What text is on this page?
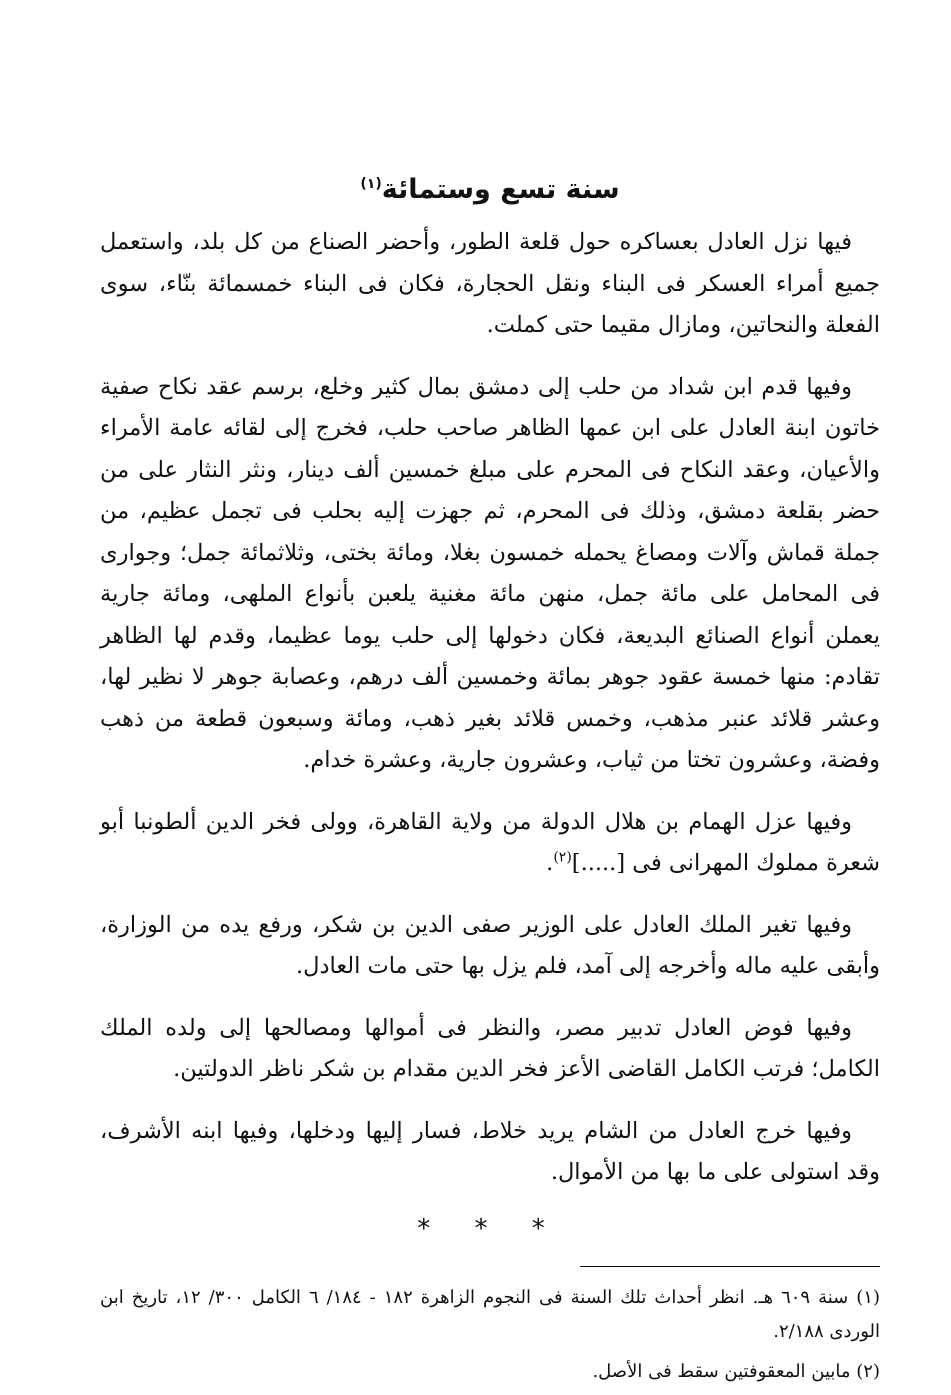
سنة تسع وستمائة$^{(١)}$

فيها نزل العادل بعساكره حول قلعة الطور، وأحضر الصناع من كل بلد، واستعمل جميع أمراء العسكر فى البناء ونقل الحجارة، فكان فى البناء خمسمائة بنّاء، سوى الفعلة والنحاتين، ومازال مقيما حتى كملت.

وفيها قدم ابن شداد من حلب إلى دمشق بمال كثير وخلع، برسم عقد نكاح صفية خاتون ابنة العادل على ابن عمها الظاهر صاحب حلب، فخرج إلى لقائه عامة الأمراء والأعيان، وعقد النكاح فى المحرم على مبلغ خمسين ألف دينار، ونثر النثار على من حضر بقلعة دمشق، وذلك فى المحرم، ثم جهزت إليه بحلب فى تجمل عظيم، من جملة قماش وآلات ومصاغ يحمله خمسون بغلا، ومائة بختى، وثلاثمائة جمل؛ وجوارى فى المحامل على مائة جمل، منهن مائة مغنية يلعبن بأنواع الملهى، ومائة جارية يعملن أنواع الصنائع البديعة، فكان دخولها إلى حلب يوما عظيما، وقدم لها الظاهر تقادم: منها خمسة عقود جوهر بمائة وخمسين ألف درهم، وعصابة جوهر لا نظير لها، وعشر قلائد عنبر مذهب، وخمس قلائد بغير ذهب، ومائة وسبعون قطعة من ذهب وفضة، وعشرون تختا من ثياب، وعشرون جارية، وعشرة خدام.

وفيها عزل الهمام بن هلال الدولة من ولاية القاهرة، وولى فخر الدين ألطونبا أبو شعرة مملوك المهرانى فى [.....]$^{(٢)}$.

وفيها تغير الملك العادل على الوزير صفى الدين بن شكر، ورفع يده من الوزارة، وأبقى عليه ماله وأخرجه إلى آمد، فلم يزل بها حتى مات العادل.

وفيها فوض العادل تدبير مصر، والنظر فى أموالها ومصالحها إلى ولده الملك الكامل؛ فرتب الكامل القاضى الأعز فخر الدين مقدام بن شكر ناظر الدولتين.

وفيها خرج العادل من الشام يريد خلاط، فسار إليها ودخلها، وفيها ابنه الأشرف، وقد استولى على ما بها من الأموال.

* * *

(١) سنة ٦٠٩ هـ. انظر أحداث تلك السنة فى النجوم الزاهرة ١٨٢ - ١٨٤/ ٦ الكامل ٣٠٠/ ١٢، تاريخ ابن الوردى ٢/١٨٨.

(٢) مابين المعقوفتين سقط فى الأصل.
